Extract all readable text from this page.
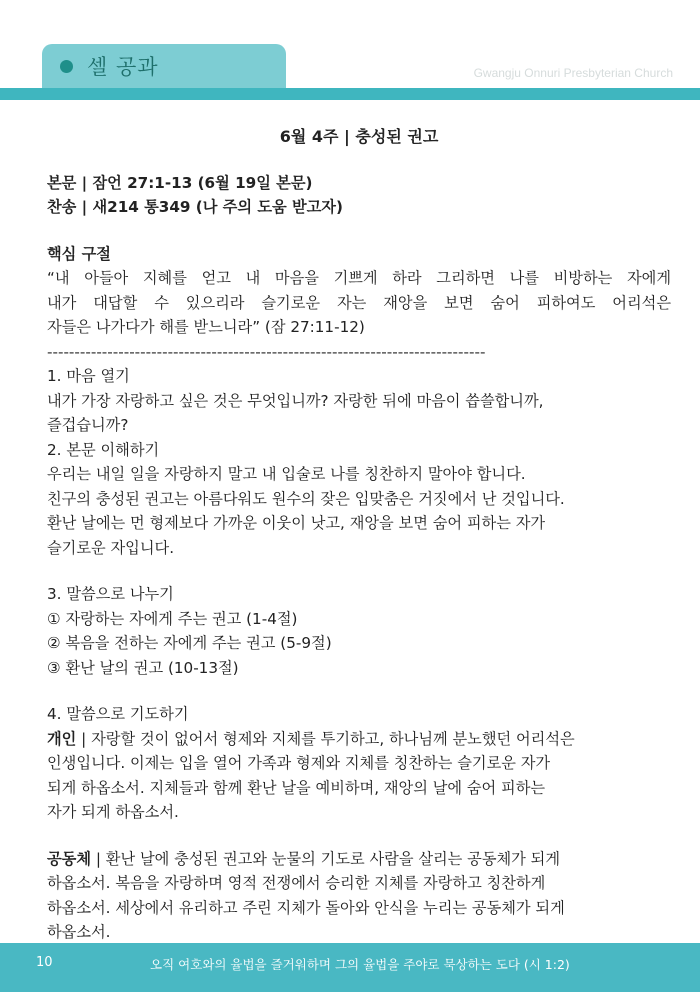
셀 공과	Gwangju Onnuri Presbyterian Church
6월 4주 | 충성된 권고
본문 | 잠언 27:1-13 (6월 19일 본문)
찬송 | 새214 통349 (나 주의 도움 받고자)
핵심 구절
“내 아들아 지혜를 얻고 내 마음을 기쁘게 하라 그리하면 나를 비방하는 자에게
내가 대답할 수 있으리라 슬기로운 자는 재앙을 보면 숨어 피하여도 어리석은
자들은 나가다가 해를 받느니라” (잠 27:11-12)
--------------------------------------------------------------------------------
1. 마음 열기
내가 가장 자랑하고 싶은 것은 무엇입니까? 자랑한 뒤에 마음이 씁쓸합니까,
즐겁습니까?
2. 본문 이해하기
우리는 내일 일을 자랑하지 말고 내 입술로 나를 칭찬하지 말아야 합니다.
친구의 충성된 권고는 아름다워도 원수의 잦은 입맞춤은 거짓에서 난 것입니다.
환난 날에는 먼 형제보다 가까운 이웃이 낫고, 재앙을 보면 숨어 피하는 자가
슬기로운 자입니다.
3. 말씀으로 나누기
① 자랑하는 자에게 주는 권고 (1-4절)
② 복음을 전하는 자에게 주는 권고 (5-9절)
③ 환난 날의 권고 (10-13절)
4. 말씀으로 기도하기
개인 | 자랑할 것이 없어서 형제와 지체를 투기하고, 하나님께 분노했던 어리석은
인생입니다. 이제는 입을 열어 가족과 형제와 지체를 칭찬하는 슬기로운 자가
되게 하옵소서. 지체들과 함께 환난 날을 예비하며, 재앙의 날에 숨어 피하는
자가 되게 하옵소서.
공동체 | 환난 날에 충성된 권고와 눈물의 기도로 사람을 살리는 공동체가 되게
하옵소서. 복음을 자랑하며 영적 전쟁에서 승리한 지체를 자랑하고 칭찬하게
하옵소서. 세상에서 유리하고 주린 지체가 돌아와 안식을 누리는 공동체가 되게
하옵소서.
10	오직 여호와의 율법을 즐거워하며 그의 율법을 주야로 묵상하는 도다 (시 1:2)
